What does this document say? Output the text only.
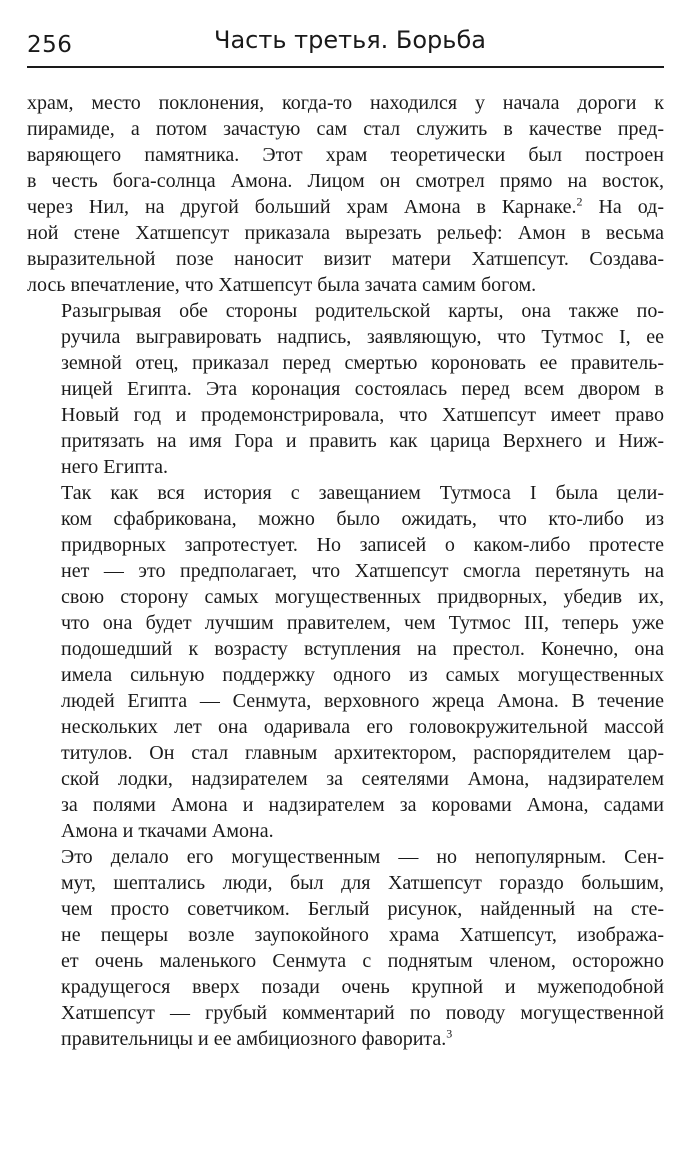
256	Часть третья. Борьба

храм, место поклонения, когда-то находился у начала дороги к
пирамиде, а потом зачастую сам стал служить в качестве пред-
варяющего памятника. Этот храм теоретически был построен
в честь бога-солнца Амона. Лицом он смотрел прямо на восток,
через Нил, на другой больший храм Амона в Карнаке.$^2$ На од-
ной стене Хатшепсут приказала вырезать рельеф: Амон в весьма
выразительной позе наносит визит матери Хатшепсут. Создава-
лось впечатление, что Хатшепсут была зачата самим богом.

Разыгрывая обе стороны родительской карты, она также по-
ручила выгравировать надпись, заявляющую, что Тутмос I, ее
земной отец, приказал перед смертью короновать ее правитель-
ницей Египта. Эта коронация состоялась перед всем двором в
Новый год и продемонстрировала, что Хатшепсут имеет право
притязать на имя Гора и править как царица Верхнего и Ниж-
него Египта.

Так как вся история с завещанием Тутмоса I была цели-
ком сфабрикована, можно было ожидать, что кто-либо из
придворных запротестует. Но записей о каком-либо протесте
нет — это предполагает, что Хатшепсут смогла перетянуть на
свою сторону самых могущественных придворных, убедив их,
что она будет лучшим правителем, чем Тутмос III, теперь уже
подошедший к возрасту вступления на престол. Конечно, она
имела сильную поддержку одного из самых могущественных
людей Египта — Сенмута, верховного жреца Амона. В течение
нескольких лет она одаривала его головокружительной массой
титулов. Он стал главным архитектором, распорядителем цар-
ской лодки, надзирателем за сеятелями Амона, надзирателем
за полями Амона и надзирателем за коровами Амона, садами
Амона и ткачами Амона.

Это делало его могущественным — но непопулярным. Сен-
мут, шептались люди, был для Хатшепсут гораздо большим,
чем просто советчиком. Беглый рисунок, найденный на сте-
не пещеры возле заупокойного храма Хатшепсут, изобража-
ет очень маленького Сенмута с поднятым членом, осторожно
крадущегося вверх позади очень крупной и мужеподобной
Хатшепсут — грубый комментарий по поводу могущественной
правительницы и ее амбициозного фаворита.$^3$
